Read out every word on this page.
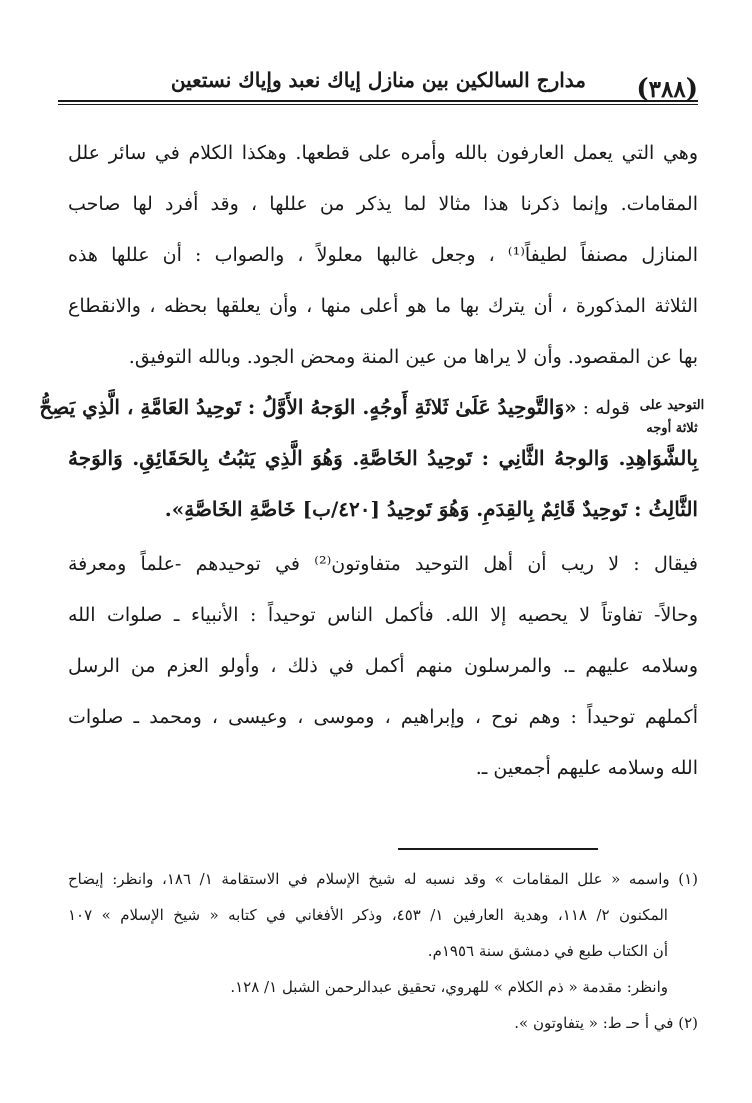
(٣٨٨)
مدارج السالكين بين منازل إياك نعبد وإياك نستعين
وهي التي يعمل العارفون بالله وأمره على قطعها. وهكذا الكلام في سائر علل
المقامات. وإنما ذكرنا هذا مثالا لما يذكر من عللها ، وقد أفرد لها صاحب
المنازل مصنفاً لطيفاً⁽¹⁾ ، وجعل غالبها معلولاً ، والصواب : أن عللها هذه
الثلاثة المذكورة ، أن يترك بها ما هو أعلى منها ، وأن يعلقها بحظه ، والانقطاع
بها عن المقصود. وأن لا يراها من عين المنة ومحض الجود. وبالله التوفيق.
التوحيد على
ثلاثة أوجه
قوله : «وَالتَّوحِيدُ عَلَىٰ ثَلاثَةِ أَوجُهٍ. الوَجهُ الأَوَّلُ : تَوحِيدُ العَامَّةِ ، الَّذِي يَصِحُّ
بِالشَّوَاهِدِ. وَالوجهُ الثَّانِي : تَوحِيدُ الخَاصَّةِ. وَهُوَ الَّذِي يَثبُتُ بِالحَقَائِقِ. وَالوَجهُ
الثَّالِثُ : تَوحِيدٌ قَائِمٌ بِالقِدَمِ. وَهُوَ تَوحِيدُ [٤٢٠/ب] خَاصَّةِ الخَاصَّةِ».
فيقال : لا ريب أن أهل التوحيد متفاوتون⁽²⁾ في توحيدهم -علماً ومعرفة
وحالاً- تفاوتاً لا يحصيه إلا الله. فأكمل الناس توحيداً : الأنبياء ـ صلوات الله
وسلامه عليهم ـ. والمرسلون منهم أكمل في ذلك ، وأولو العزم من الرسل
أكملهم توحيداً : وهم نوح ، وإبراهيم ، وموسى ، وعيسى ، ومحمد ـ صلوات
الله وسلامه عليهم أجمعين ـ.
(١) واسمه « علل المقامات » وقد نسبه له شيخ الإسلام في الاستقامة ١/ ١٨٦، وانظر: إيضاح
المكنون ٢/ ١١٨، وهدية العارفين ١/ ٤٥٣، وذكر الأفغاني في كتابه « شيخ الإسلام » ١٠٧
أن الكتاب طبع في دمشق سنة ١٩٥٦م.
وانظر: مقدمة « ذم الكلام » للهروي، تحقيق عبدالرحمن الشبل ١/ ١٢٨.
(٢) في أ حـ ط: « يتفاوتون ».
